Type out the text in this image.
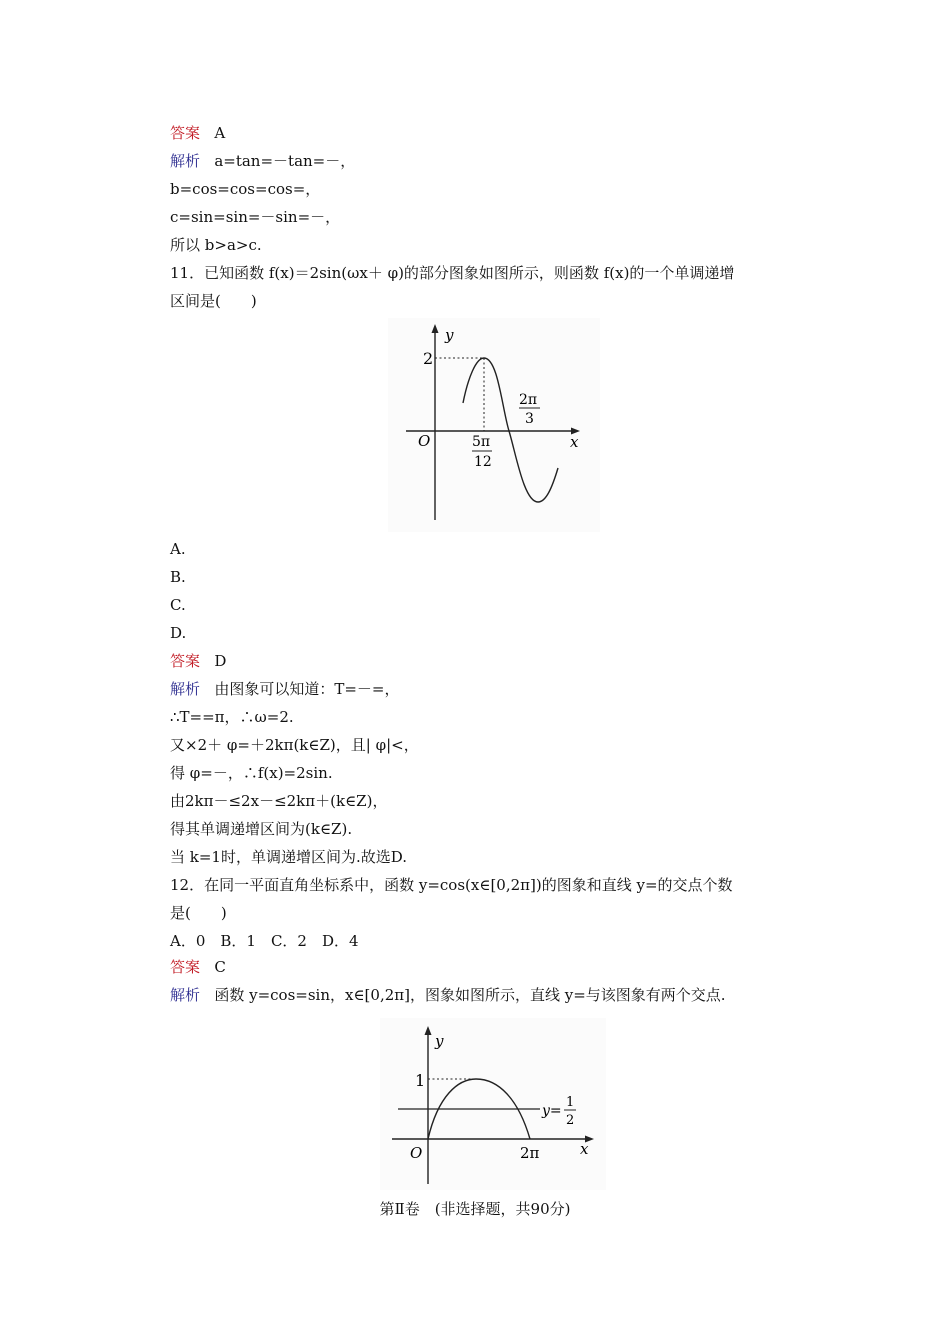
答案 A
解析 a=tan=－tan=－，
b=cos=cos=cos=，
c=sin=sin=－sin=－，
所以 b>a>c.
11．已知函数 f(x)＝2sin(ωx＋ φ)的部分图象如图所示，则函数 f(x)的一个单调递增
区间是(　　)
y
x
O
2
5π
12
2π
3
A.
B.
C.
D.
答案 D
解析 由图象可以知道：T=－=，
∴T==π，∴ω=2.
又×2＋ φ=＋2kπ(k∈Z)，且| φ|<，
得 φ=－，∴f(x)=2sin.
由2kπ－≤2x－≤2kπ＋(k∈Z)，
得其单调递增区间为(k∈Z).
当 k=1时，单调递增区间为.故选D.
12．在同一平面直角坐标系中，函数 y=cos(x∈[0,2π])的图象和直线 y=的交点个数
是(　　)
A．0　B．1　C．2　D．4
答案 C
解析 函数 y=cos=sin，x∈[0,2π]，图象如图所示，直线 y=与该图象有两个交点.
y
x
O
1
2π
y=
1
2
第Ⅱ卷　(非选择题，共90分)
